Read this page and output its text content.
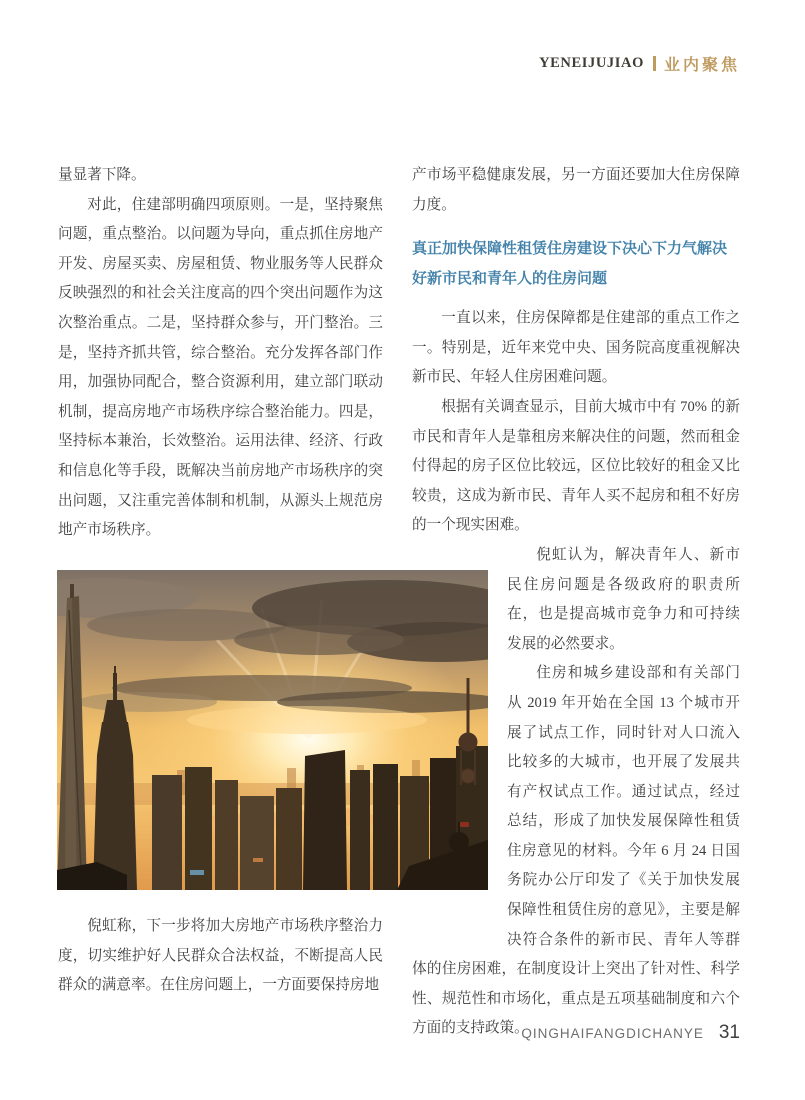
YENEIJUJIAO 业内聚焦

量显著下降。

对此，住建部明确四项原则。一是，坚持聚焦问题，重点整治。以问题为导向，重点抓住房地产开发、房屋买卖、房屋租赁、物业服务等人民群众反映强烈的和社会关注度高的四个突出问题作为这次整治重点。二是，坚持群众参与，开门整治。三是，坚持齐抓共管，综合整治。充分发挥各部门作用，加强协同配合，整合资源利用，建立部门联动机制，提高房地产市场秩序综合整治能力。四是，坚持标本兼治，长效整治。运用法律、经济、行政和信息化等手段，既解决当前房地产市场秩序的突出问题，又注重完善体制和机制，从源头上规范房地产市场秩序。

倪虹称，下一步将加大房地产市场秩序整治力度，切实维护好人民群众合法权益，不断提高人民群众的满意率。在住房问题上，一方面要保持房地

产市场平稳健康发展，另一方面还要加大住房保障力度。

真正加快保障性租赁住房建设下决心下力气解决好新市民和青年人的住房问题

一直以来，住房保障都是住建部的重点工作之一。特别是，近年来党中央、国务院高度重视解决新市民、年轻人住房困难问题。

根据有关调查显示，目前大城市中有 70% 的新市民和青年人是靠租房来解决住的问题，然而租金付得起的房子区位比较远，区位比较好的租金又比较贵，这成为新市民、青年人买不起房和租不好房的一个现实困难。

倪虹认为，解决青年人、新市民住房问题是各级政府的职责所在，也是提高城市竞争力和可持续发展的必然要求。

住房和城乡建设部和有关部门从 2019 年开始在全国 13 个城市开展了试点工作，同时针对人口流入比较多的大城市，也开展了发展共有产权试点工作。通过试点，经过总结，形成了加快发展保障性租赁住房意见的材料。今年 6 月 24 日国务院办公厅印发了《关于加快发展保障性租赁住房的意见》，主要是解决符合条件的新市民、青年人等群体的住房困难，在制度设计上突出了针对性、科学性、规范性和市场化，重点是五项基础制度和六个方面的支持政策。

QINGHAIFANGDICHANYE 31
